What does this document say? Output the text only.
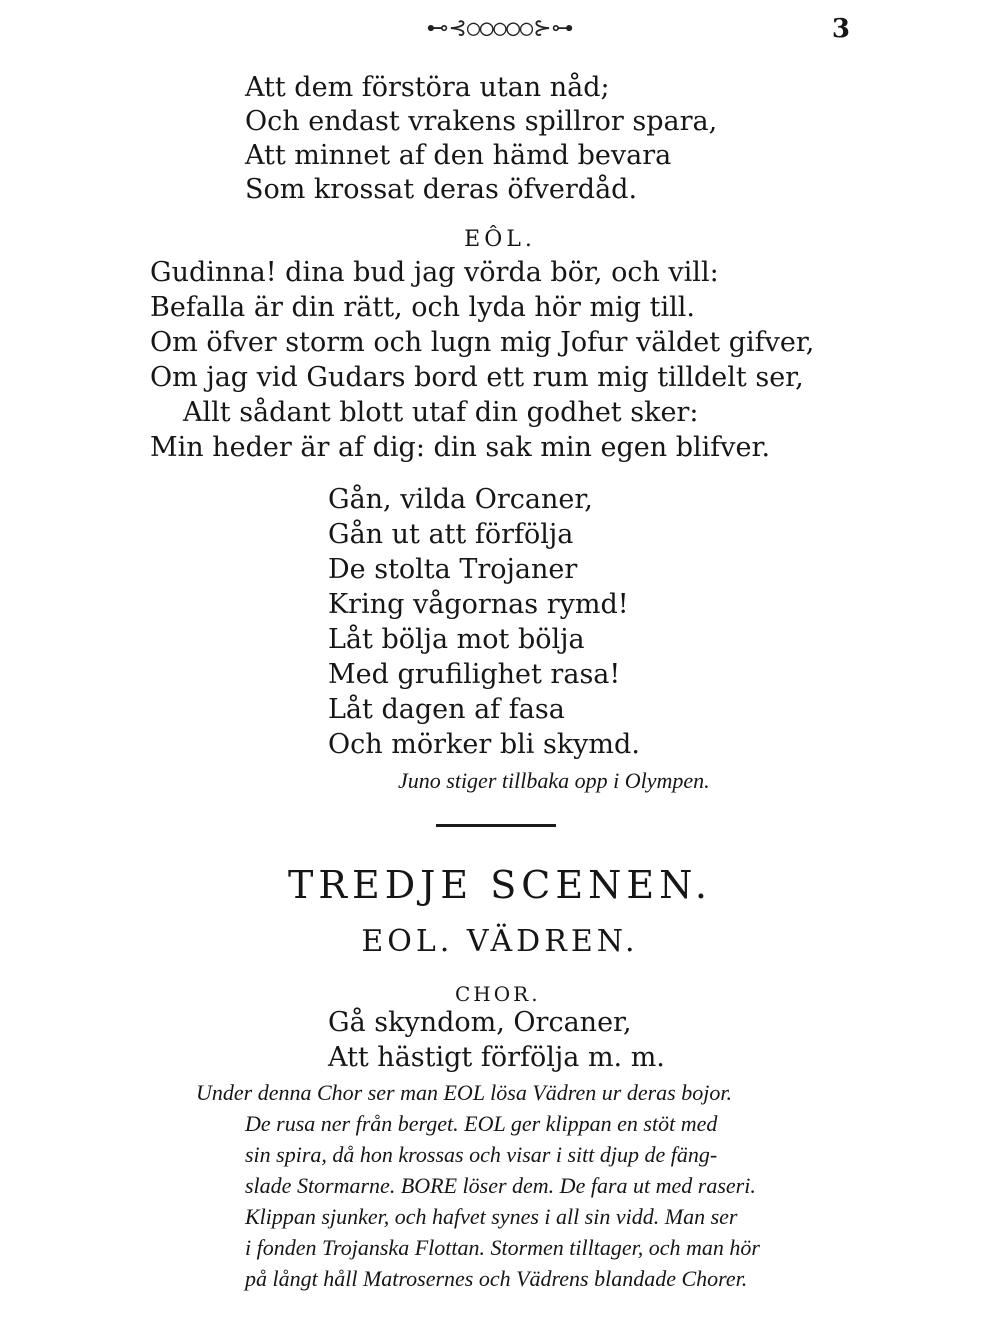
⊷⊰○◯○◯○⊱⊶	3

Att dem förstöra utan nåd;

Och endast vrakens spillror spara,

Att minnet af den hämd bevara

Som krossat deras öfverdåd.

EÔL.

Gudinna! dina bud jag vörda bör, och vill:

Befalla är din rätt, och lyda hör mig till.

Om öfver storm och lugn mig Jofur väldet gifver,

Om jag vid Gudars bord ett rum mig tilldelt ser,

Allt sådant blott utaf din godhet sker:

Min heder är af dig: din sak min egen blifver.

Gån, vilda Orcaner,

Gån ut att förfölja

De stolta Trojaner

Kring vågornas rymd!

Låt bölja mot bölja

Med grufilighet rasa!

Låt dagen af fasa

Och mörker bli skymd.

Juno stiger tillbaka opp i Olympen.

TREDJE SCENEN.

EOL. VÄDREN.

CHOR.

Gå skyndom, Orcaner,

Att hästigt förfölja m. m.

Under denna Chor ser man EOL lösa Vädren ur deras bojor.

De rusa ner från berget. EOL ger klippan en stöt med

sin spira, då hon krossas och visar i sitt djup de fäng-

slade Stormarne. BORE löser dem. De fara ut med raseri.

Klippan sjunker, och hafvet synes i all sin vidd. Man ser

i fonden Trojanska Flottan. Stormen tilltager, och man hör

på långt håll Matrosernes och Vädrens blandade Chorer.
